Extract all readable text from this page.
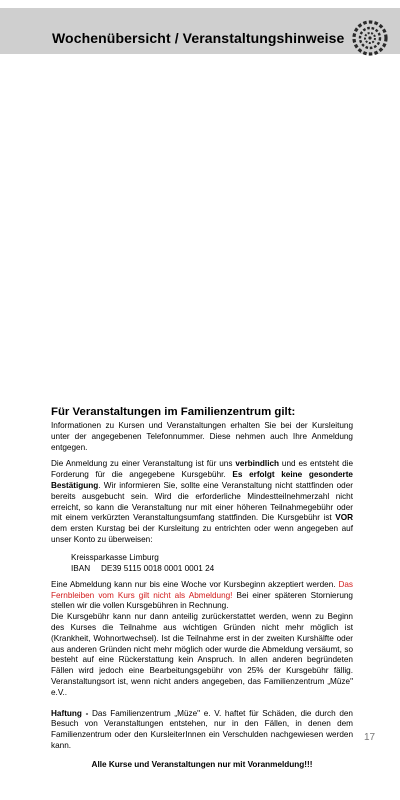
Wochenübersicht / Veranstaltungshinweise
Für Veranstaltungen im Familienzentrum gilt:

Informationen zu Kursen und Veranstaltungen erhalten Sie bei der Kursleitung unter der angegebenen Telefonnummer. Diese nehmen auch Ihre Anmeldung entgegen.

Die Anmeldung zu einer Veranstaltung ist für uns verbindlich und es entsteht die Forderung für die angegebene Kursgebühr. Es erfolgt keine gesonderte Bestätigung. Wir informieren Sie, sollte eine Veranstaltung nicht stattfinden oder bereits ausgebucht sein. Wird die erforderliche Mindestteilnehmerzahl nicht erreicht, so kann die Veranstaltung nur mit einer höheren Teilnahmegebühr oder mit einem verkürzten Veranstaltungsumfang stattfinden. Die Kursgebühr ist VOR dem ersten Kurstag bei der Kursleitung zu entrichten oder wenn angegeben auf unser Konto zu überweisen:

Kreissparkasse Limburg
IBAN DE39 5115 0018 0001 0001 24

Eine Abmeldung kann nur bis eine Woche vor Kursbeginn akzeptiert werden. Das Fernbleiben vom Kurs gilt nicht als Abmeldung! Bei einer späteren Stornierung stellen wir die vollen Kursgebühren in Rechnung.
Die Kursgebühr kann nur dann anteilig zurückerstattet werden, wenn zu Beginn des Kurses die Teilnahme aus wichtigen Gründen nicht mehr möglich ist (Krankheit, Wohnortwechsel). Ist die Teilnahme erst in der zweiten Kurshälfte oder aus anderen Gründen nicht mehr möglich oder wurde die Abmeldung versäumt, so besteht auf eine Rückerstattung kein Anspruch. In allen anderen begründeten Fällen wird jedoch eine Bearbeitungsgebühr von 25% der Kursgebühr fällig. Veranstaltungsort ist, wenn nicht anders angegeben, das Familienzentrum „Müze" e.V..

Haftung - Das Familienzentrum „Müze" e. V. haftet für Schäden, die durch den Besuch von Veranstaltungen entstehen, nur in den Fällen, in denen dem Familienzentrum oder den KursleiterInnen ein Verschulden nachgewiesen werden kann.

Alle Kurse und Veranstaltungen nur mit Voranmeldung!!!
17
